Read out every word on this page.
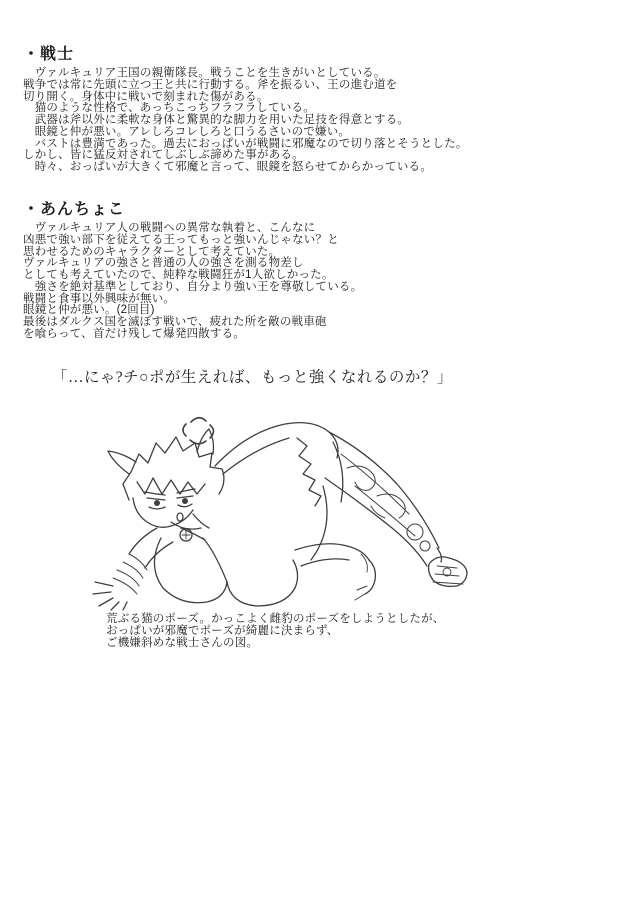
・戦士
　ヴァルキュリア王国の親衛隊長。戦うことを生きがいとしている。
戦争では常に先頭に立つ王と共に行動する。斧を振るい、王の進む道を
切り開く。身体中に戦いで刻まれた傷がある。
　猫のような性格で、あっちこっちフラフラしている。
　武器は斧以外に柔軟な身体と驚異的な脚力を用いた足技を得意とする。
　眼鏡と仲が悪い。アレしろコレしろと口うるさいので嫌い。
　バストは豊満であった。過去におっぱいが戦闘に邪魔なので切り落とそうとした。
しかし、皆に猛反対されてしぶしぶ諦めた事がある。
　時々、おっぱいが大きくて邪魔と言って、眼鏡を怒らせてからかっている。
・あんちょこ
　ヴァルキュリア人の戦闘への異常な執着と、こんなに
凶悪で強い部下を従えてる王ってもっと強いんじゃない？と
思わせるためのキャラクターとして考えていた。
ヴァルキュリアの強さと普通の人の強さを測る物差し
としても考えていたので、純粋な戦闘狂が1人欲しかった。
　強さを絶対基準としており、自分より強い王を尊敬している。
戦闘と食事以外興味が無い。
眼鏡と仲が悪い。(2回目)
最後はダルクス国を滅ぼす戦いで、疲れた所を敵の戦車砲
を喰らって、首だけ残して爆発四散する。
「…にゃ?チ○ポが生えれば、もっと強くなれるのか？」
荒ぶる猫のポーズ。かっこよく雌豹のポーズをしようとしたが、
おっぱいが邪魔でポーズが綺麗に決まらず、
ご機嫌斜めな戦士さんの図。
